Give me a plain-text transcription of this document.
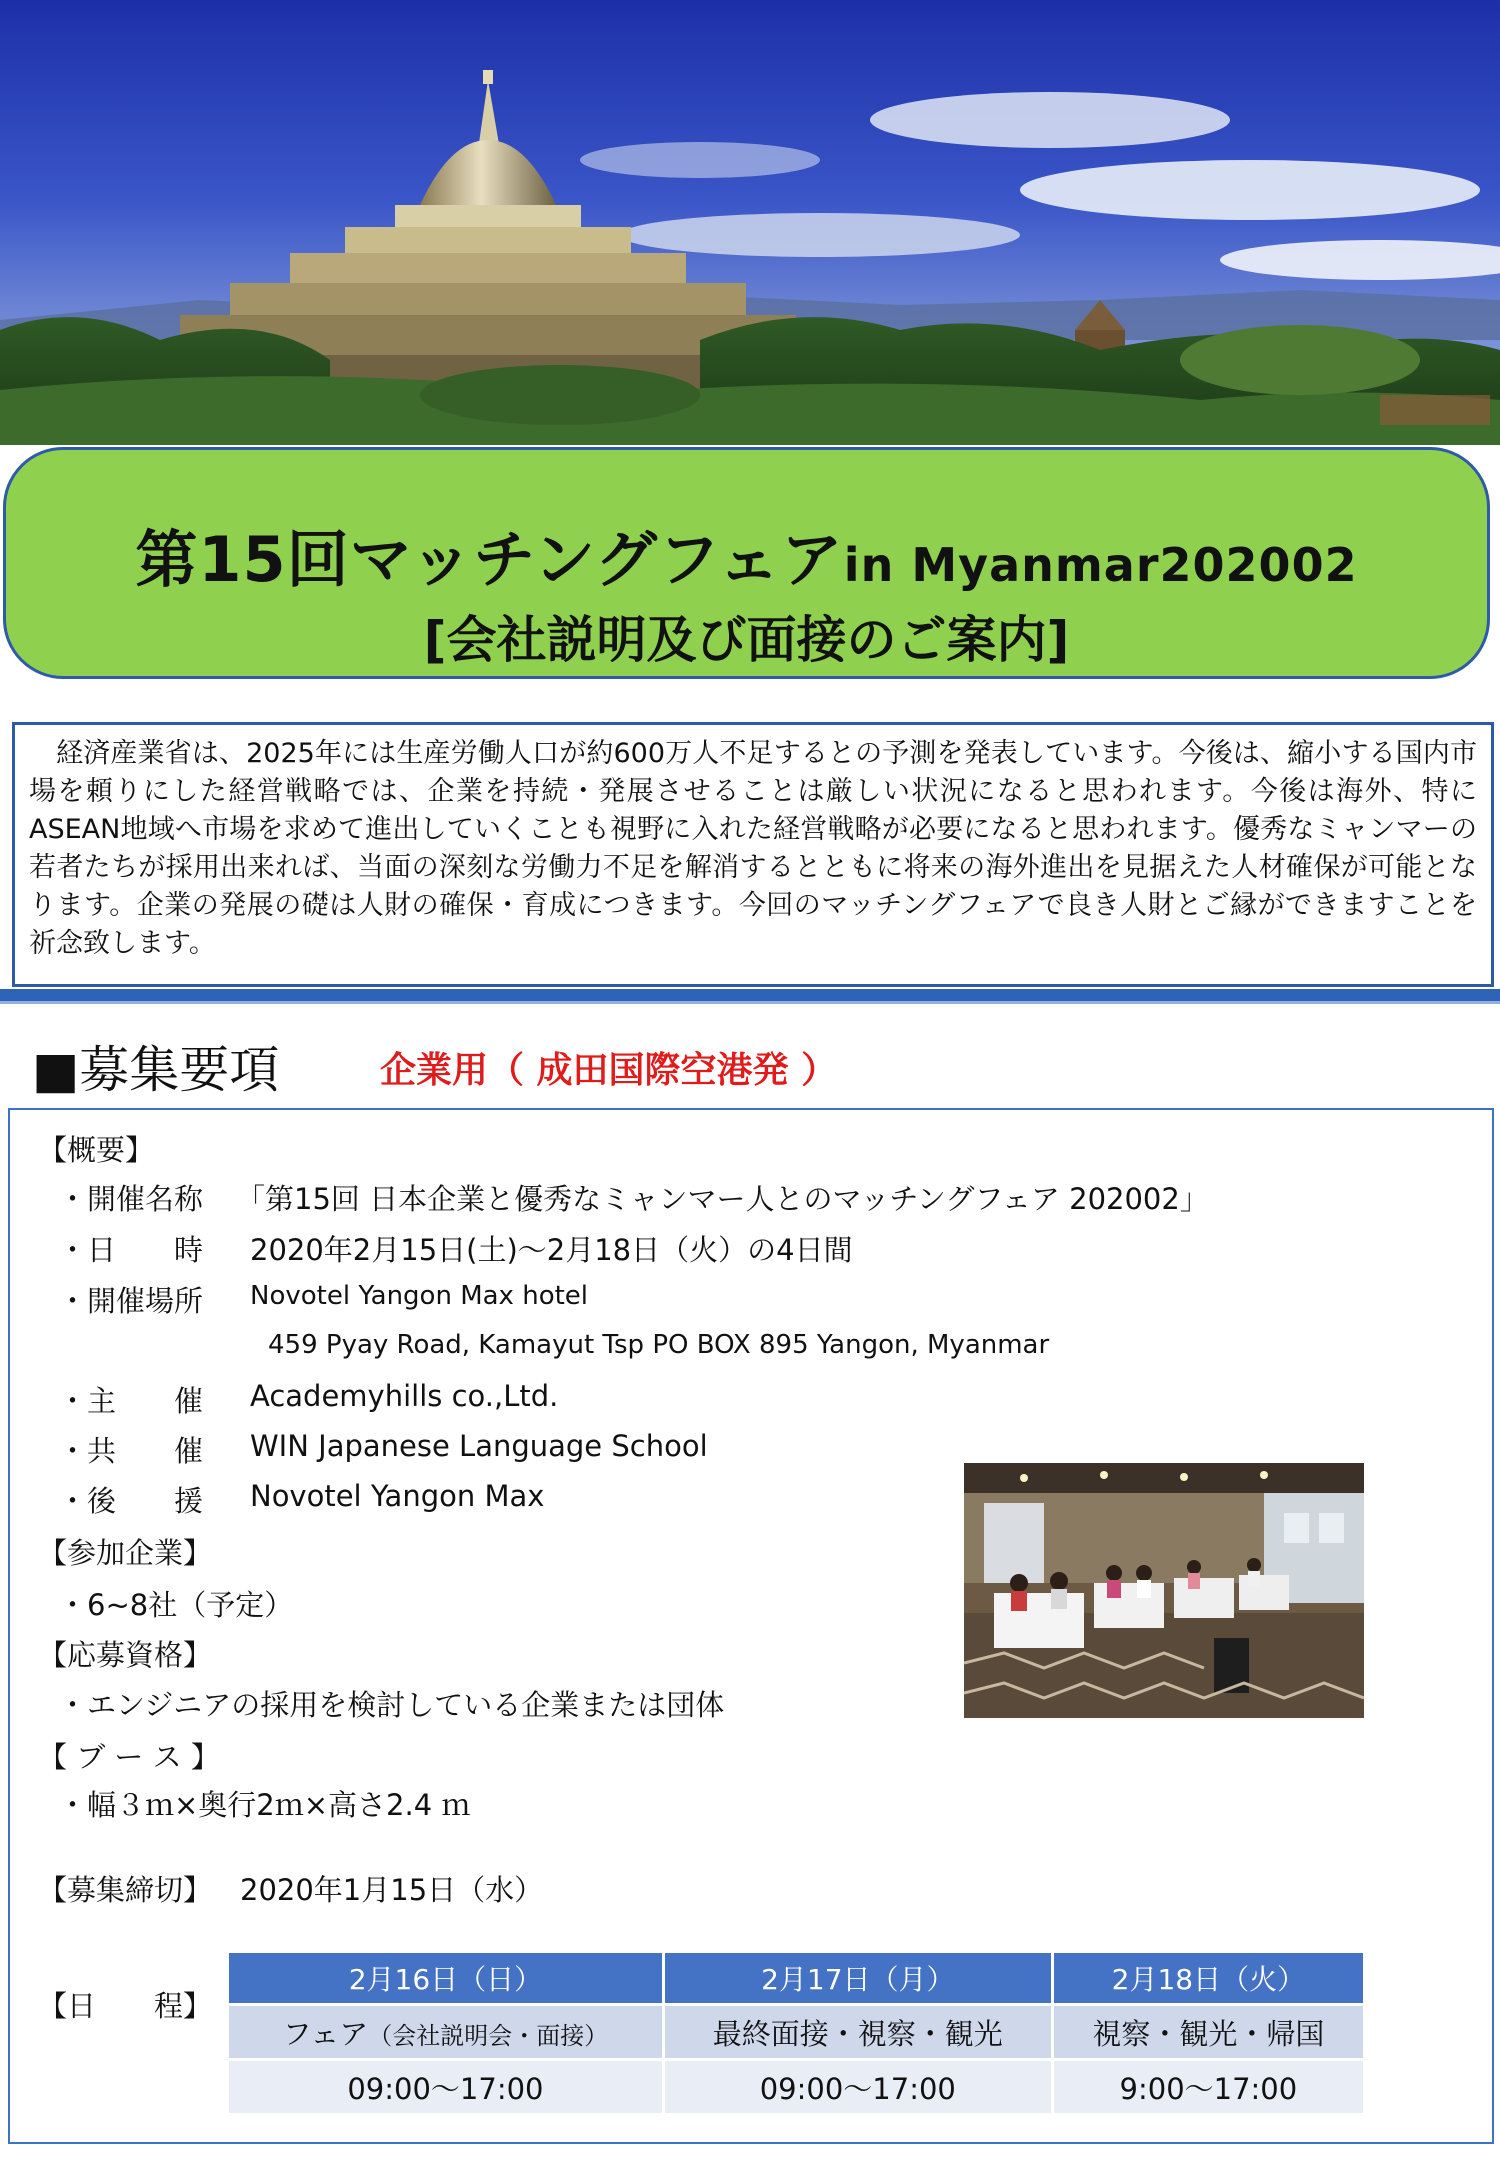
第15回マッチングフェアin Myanmar202002
[会社説明及び面接のご案内]
 経済産業省は、2025年には生産労働人口が約600万人不足するとの予測を発表しています。今後は、縮小する国内市場を頼りにした経営戦略では、企業を持続・発展させることは厳しい状況になると思われます。今後は海外、特にASEAN地域へ市場を求めて進出していくことも視野に入れた経営戦略が必要になると思われます。優秀なミャンマーの若者たちが採用出来れば、当面の深刻な労働力不足を解消するとともに将来の海外進出を見据えた人材確保が可能となります。企業の発展の礎は人財の確保・育成につきます。今回のマッチングフェアで良き人財とご縁ができますことを祈念致します。
■募集要項	企業用（ 成田国際空港発 ）
【概要】
・開催名称 「第15回 日本企業と優秀なミャンマー人とのマッチングフェア 202002」
・日　　時 2020年2月15日(土)～2月18日（火）の4日間
・開催場所 Novotel Yangon Max hotel
459 Pyay Road, Kamayut Tsp PO BOX 895 Yangon, Myanmar
・主　　催 Academyhills co.,Ltd.
・共　　催 WIN Japanese Language School
・後　　援 Novotel Yangon Max
【参加企業】
・6~8社（予定）
【応募資格】
・エンジニアの採用を検討している企業または団体
【 ブ ー ス 】
・幅３ｍ×奥行2ｍ×高さ2.4 ｍ
【募集締切】 2020年1月15日（水）
【日　　程】
2月16日（日）	2月17日（月）	2月18日（火）
フェア（会社説明会・面接）	最終面接・視察・観光	視察・観光・帰国
09:00～17:00	09:00～17:00	9:00～17:00
